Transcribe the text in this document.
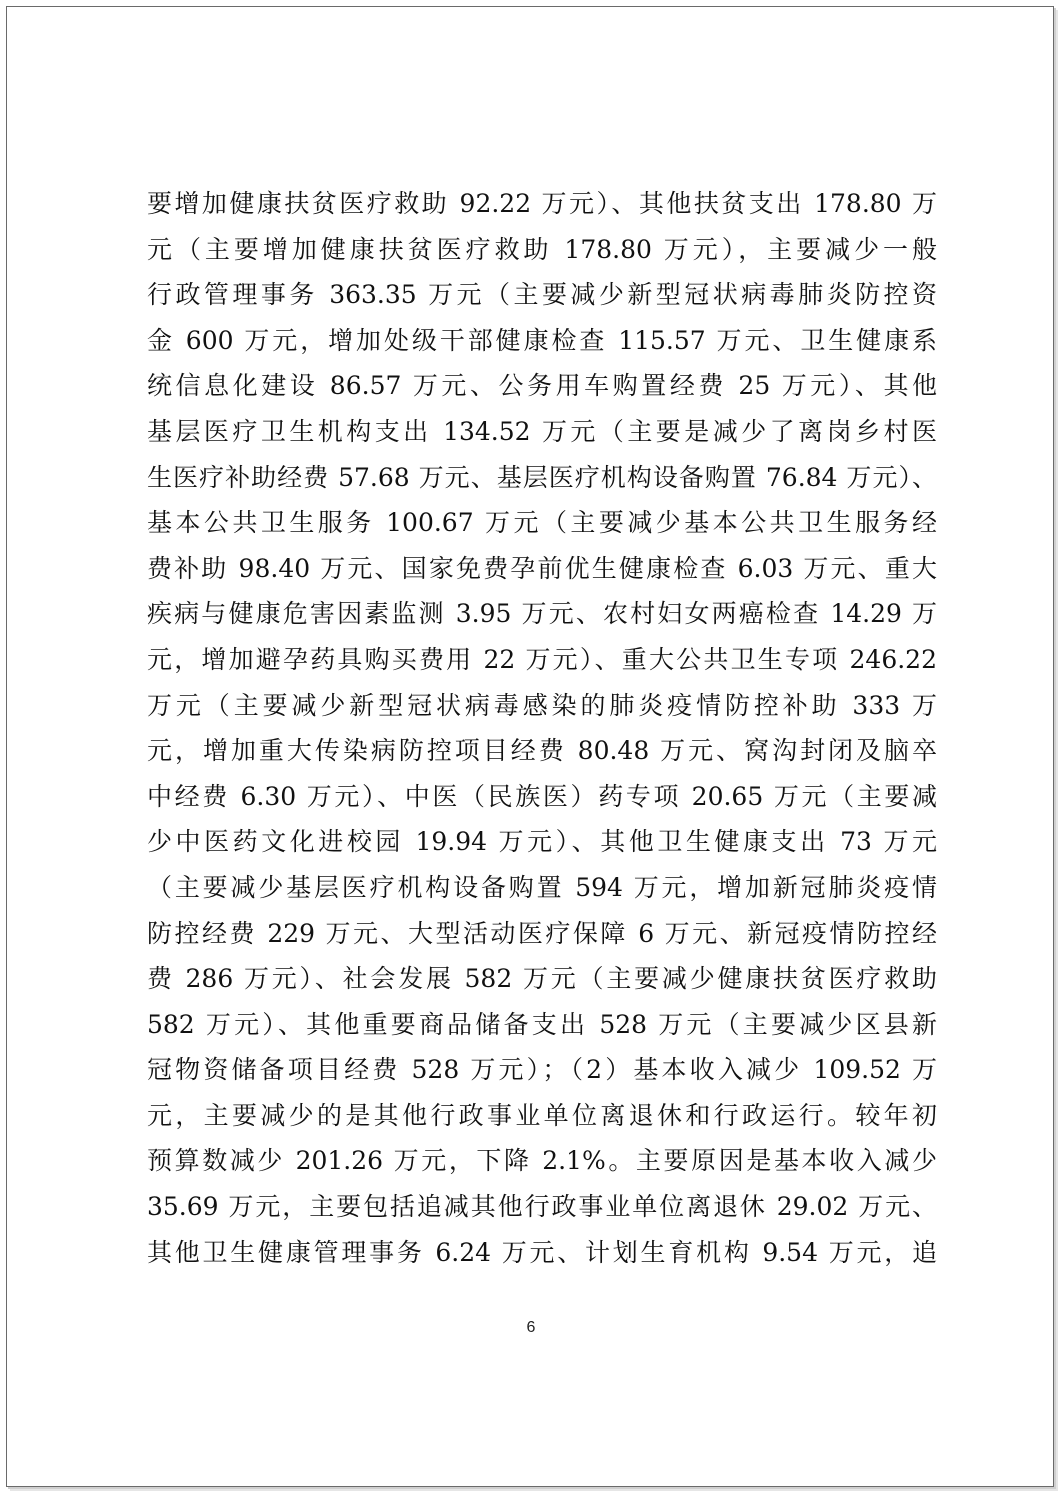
要增加健康扶贫医疗救助 92.22 万元）、其他扶贫支出 178.80 万
元（主要增加健康扶贫医疗救助 178.80 万元），主要减少一般
行政管理事务 363.35 万元（主要减少新型冠状病毒肺炎防控资
金 600 万元，增加处级干部健康检查 115.57 万元、卫生健康系
统信息化建设 86.57 万元、公务用车购置经费 25 万元）、其他
基层医疗卫生机构支出 134.52 万元（主要是减少了离岗乡村医
生医疗补助经费 57.68 万元、基层医疗机构设备购置 76.84 万元）、
基本公共卫生服务 100.67 万元（主要减少基本公共卫生服务经
费补助 98.40 万元、国家免费孕前优生健康检查 6.03 万元、重大
疾病与健康危害因素监测 3.95 万元、农村妇女两癌检查 14.29 万
元，增加避孕药具购买费用 22 万元）、重大公共卫生专项 246.22
万元（主要减少新型冠状病毒感染的肺炎疫情防控补助 333 万
元，增加重大传染病防控项目经费 80.48 万元、窝沟封闭及脑卒
中经费 6.30 万元）、中医（民族医）药专项 20.65 万元（主要减
少中医药文化进校园 19.94 万元）、其他卫生健康支出 73 万元
（主要减少基层医疗机构设备购置 594 万元，增加新冠肺炎疫情
防控经费 229 万元、大型活动医疗保障 6 万元、新冠疫情防控经
费 286 万元）、社会发展 582 万元（主要减少健康扶贫医疗救助
582 万元）、其他重要商品储备支出 528 万元（主要减少区县新
冠物资储备项目经费 528 万元）；（2）基本收入减少 109.52 万
元，主要减少的是其他行政事业单位离退休和行政运行。较年初
预算数减少 201.26 万元，下降 2.1%。主要原因是基本收入减少
35.69 万元，主要包括追减其他行政事业单位离退休 29.02 万元、
其他卫生健康管理事务 6.24 万元、计划生育机构 9.54 万元，追
6
